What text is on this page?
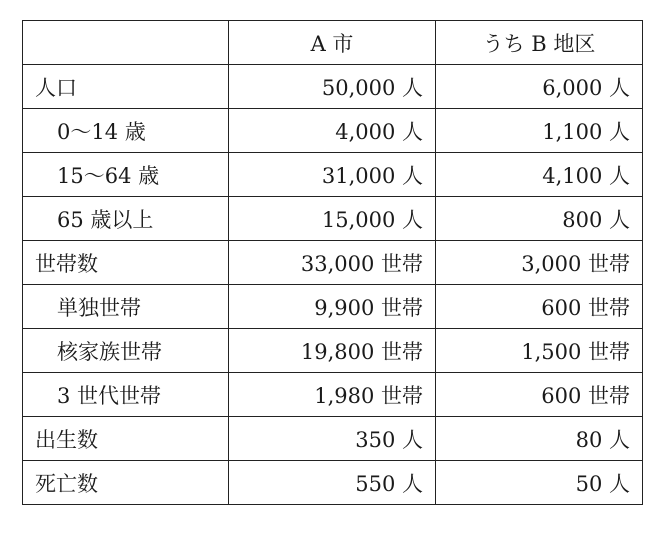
	A 市	うち B 地区
人口	50,000 人	6,000 人
0〜14 歳	4,000 人	1,100 人
15〜64 歳	31,000 人	4,100 人
65 歳以上	15,000 人	800 人
世帯数	33,000 世帯	3,000 世帯
単独世帯	9,900 世帯	600 世帯
核家族世帯	19,800 世帯	1,500 世帯
3 世代世帯	1,980 世帯	600 世帯
出生数	350 人	80 人
死亡数	550 人	50 人
